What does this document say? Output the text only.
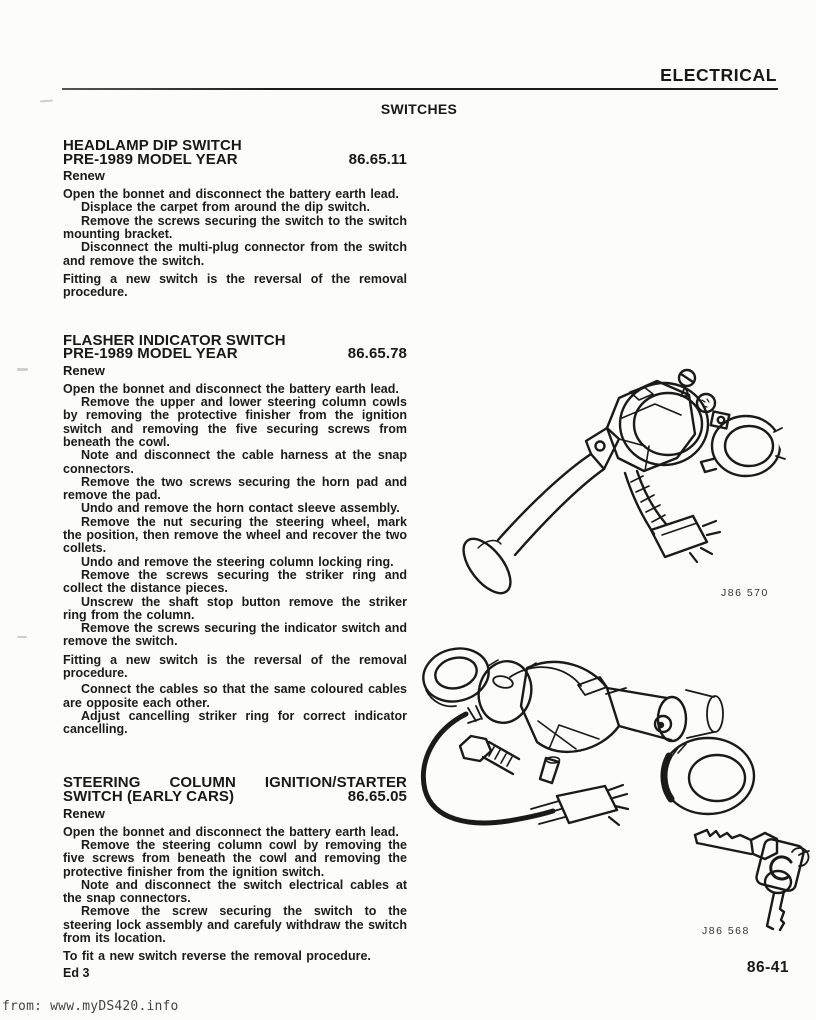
ELECTRICAL
SWITCHES
HEADLAMP DIP SWITCH
PRE-1989 MODEL YEAR	86.65.11
Renew

Open the bonnet and disconnect the battery earth lead.

Displace the carpet from around the dip switch.

Remove the screws securing the switch to the switch mounting bracket.

Disconnect the multi-plug connector from the switch and remove the switch.

Fitting a new switch is the reversal of the removal procedure.

FLASHER INDICATOR SWITCH
PRE-1989 MODEL YEAR	86.65.78
Renew

Open the bonnet and disconnect the battery earth lead.

Remove the upper and lower steering column cowls by removing the protective finisher from the ignition switch and removing the five securing screws from beneath the cowl.

Note and disconnect the cable harness at the snap connectors.

Remove the two screws securing the horn pad and remove the pad.

Undo and remove the horn contact sleeve assembly.

Remove the nut securing the steering wheel, mark the position, then remove the wheel and recover the two collets.

Undo and remove the steering column locking ring.

Remove the screws securing the striker ring and collect the distance pieces.

Unscrew the shaft stop button remove the striker ring from the column.

Remove the screws securing the indicator switch and remove the switch.

Fitting a new switch is the reversal of the removal procedure.

Connect the cables so that the same coloured cables are opposite each other.

Adjust cancelling striker ring for correct indicator cancelling.

STEERING COLUMN IGNITION/STARTER
SWITCH (EARLY CARS)	86.65.05
Renew

Open the bonnet and disconnect the battery earth lead.

Remove the steering column cowl by removing the five screws from beneath the cowl and removing the protective finisher from the ignition switch.

Note and disconnect the switch electrical cables at the snap connectors.

Remove the screw securing the switch to the steering lock assembly and carefuly withdraw the switch from its location.

To fit a new switch reverse the removal procedure.

Ed 3
J86 570
J86 568
86-41
from: www.myDS420.info
